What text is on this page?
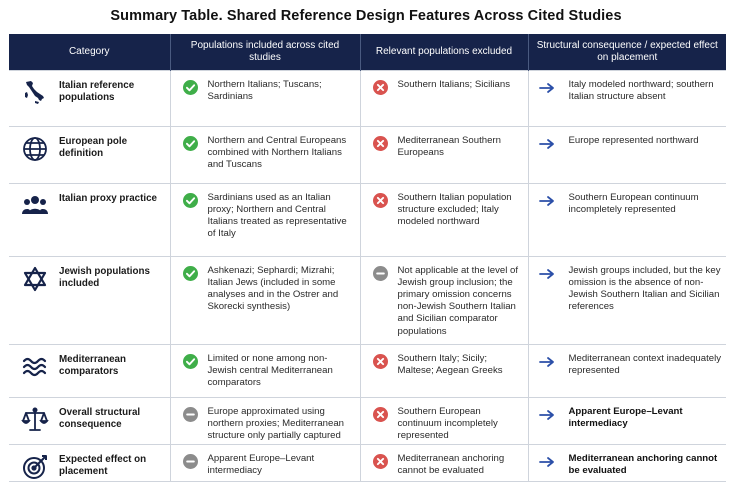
Summary Table. Shared Reference Design Features Across Cited Studies
Category	Populations included across cited studies	Relevant populations excluded	Structural consequence / expected effect on placement

Italian reference populations	Northern Italians; Tuscans; Sardinians	Southern Italians; Sicilians	Italy modeled northward; southern Italian structure absent

European pole definition	Northern and Central Europeans combined with Northern Italians and Tuscans	Mediterranean Southern Europeans	Europe represented northward

Italian proxy practice	Sardinians used as an Italian proxy; Northern and Central Italians treated as representative of Italy	Southern Italian population structure excluded; Italy modeled northward	Southern European continuum incompletely represented

Jewish populations included	Ashkenazi; Sephardi; Mizrahi; Italian Jews (included in some analyses and in the Ostrer and Skorecki synthesis)	Not applicable at the level of Jewish group inclusion; the primary omission concerns non-Jewish Southern Italian and Sicilian comparator populations	Jewish groups included, but the key omission is the absence of non-Jewish Southern Italian and Sicilian references

Mediterranean comparators	Limited or none among non-Jewish central Mediterranean comparators	Southern Italy; Sicily; Maltese; Aegean Greeks	Mediterranean context inadequately represented

Overall structural consequence	Europe approximated using northern proxies; Mediterranean structure only partially captured	Southern European continuum incompletely represented	Apparent Europe–Levant intermediacy

Expected effect on placement	Apparent Europe–Levant intermediacy	Mediterranean anchoring cannot be evaluated	Mediterranean anchoring cannot be evaluated
